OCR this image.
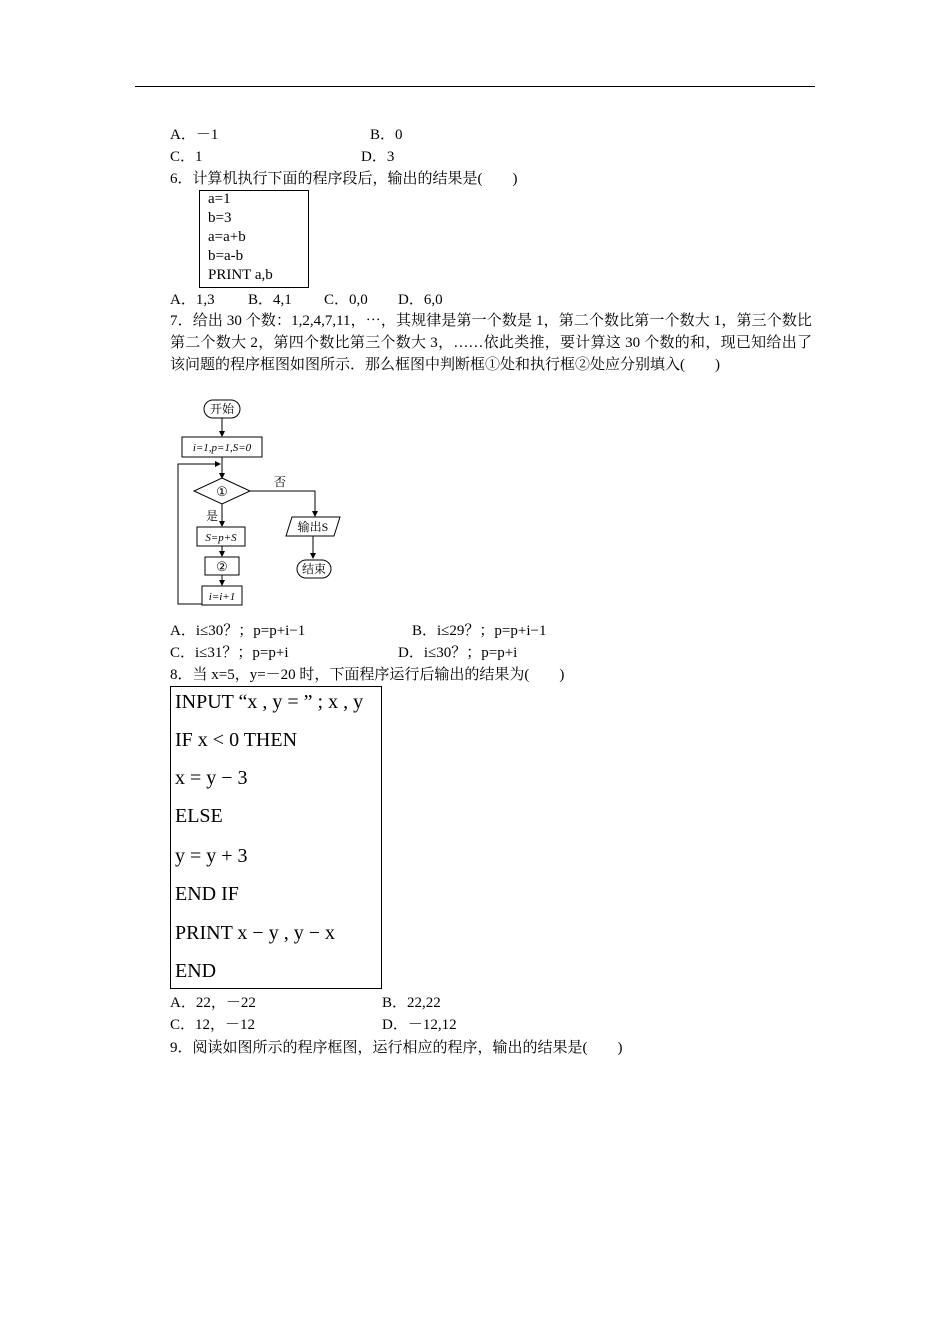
A．－1	B．0
C．1	D．3
6．计算机执行下面的程序段后，输出的结果是(　　)
a=1
b=3
a=a+b
b=a-b
PRINT a,b
A．1,3 B．4,1 C．0,0 D．6,0
7．给出 30 个数：1,2,4,7,11，⋯，其规律是第一个数是 1，第二个数比第一个数大 1，第三个数比第二个数大 2，第四个数比第三个数大 3，……依此类推，要计算这 30 个数的和，现已知给出了该问题的程序框图如图所示．那么框图中判断框①处和执行框②处应分别填入(　　)
开始
i=1,p=1,S=0
①
否
输出S
结束
是
S=p+S
②
i=i+1
A．i≤30？；p=p+i−1	B．i≤29？；p=p+i−1
C．i≤31？；p=p+i	D．i≤30？；p=p+i
8．当 x=5，y=－20 时，下面程序运行后输出的结果为(　　)
INPUT “x , y = ” ; x , y
IF x < 0 THEN
x = y − 3
ELSE
y = y + 3
END IF
PRINT x − y , y − x
END
A．22，－22	B．22,22
C．12，－12	D．－12,12
9．阅读如图所示的程序框图，运行相应的程序，输出的结果是(　　)
